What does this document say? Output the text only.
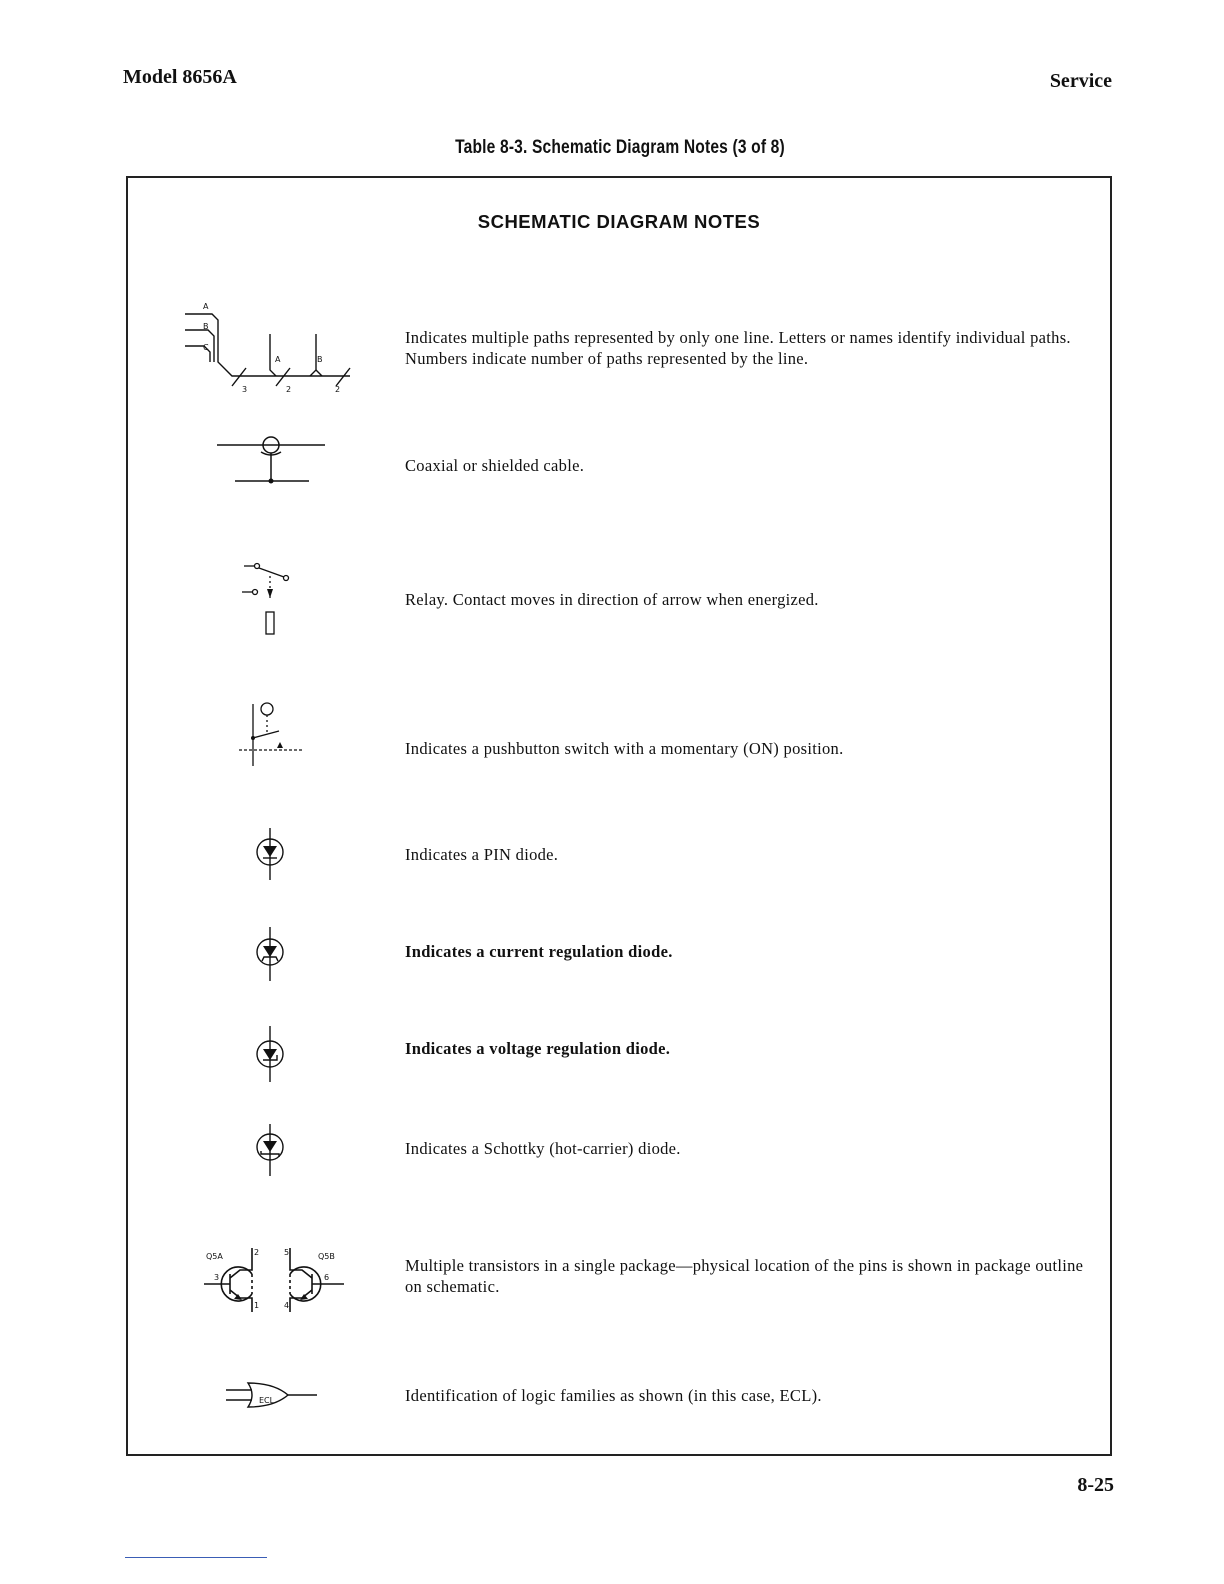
Model 8656A	Service
Table 8-3. Schematic Diagram Notes (3 of 8)
SCHEMATIC DIAGRAM NOTES
A
B
C
A	B
3	2	2
Indicates multiple paths represented by only one line. Letters or names identify individual paths. Numbers indicate number of paths represented by the line.
Coaxial or shielded cable.
Relay. Contact moves in direction of arrow when energized.
Indicates a pushbutton switch with a momentary (ON) position.
Indicates a PIN diode.
Indicates a current regulation diode.
Indicates a voltage regulation diode.
Indicates a Schottky (hot-carrier) diode.
Q5A	Q5B
2
3
1
5
6
4
Multiple transistors in a single package—physical location of the pins is shown in package outline on schematic.
ECL	Identification of logic families as shown (in this case, ECL).
8-25
